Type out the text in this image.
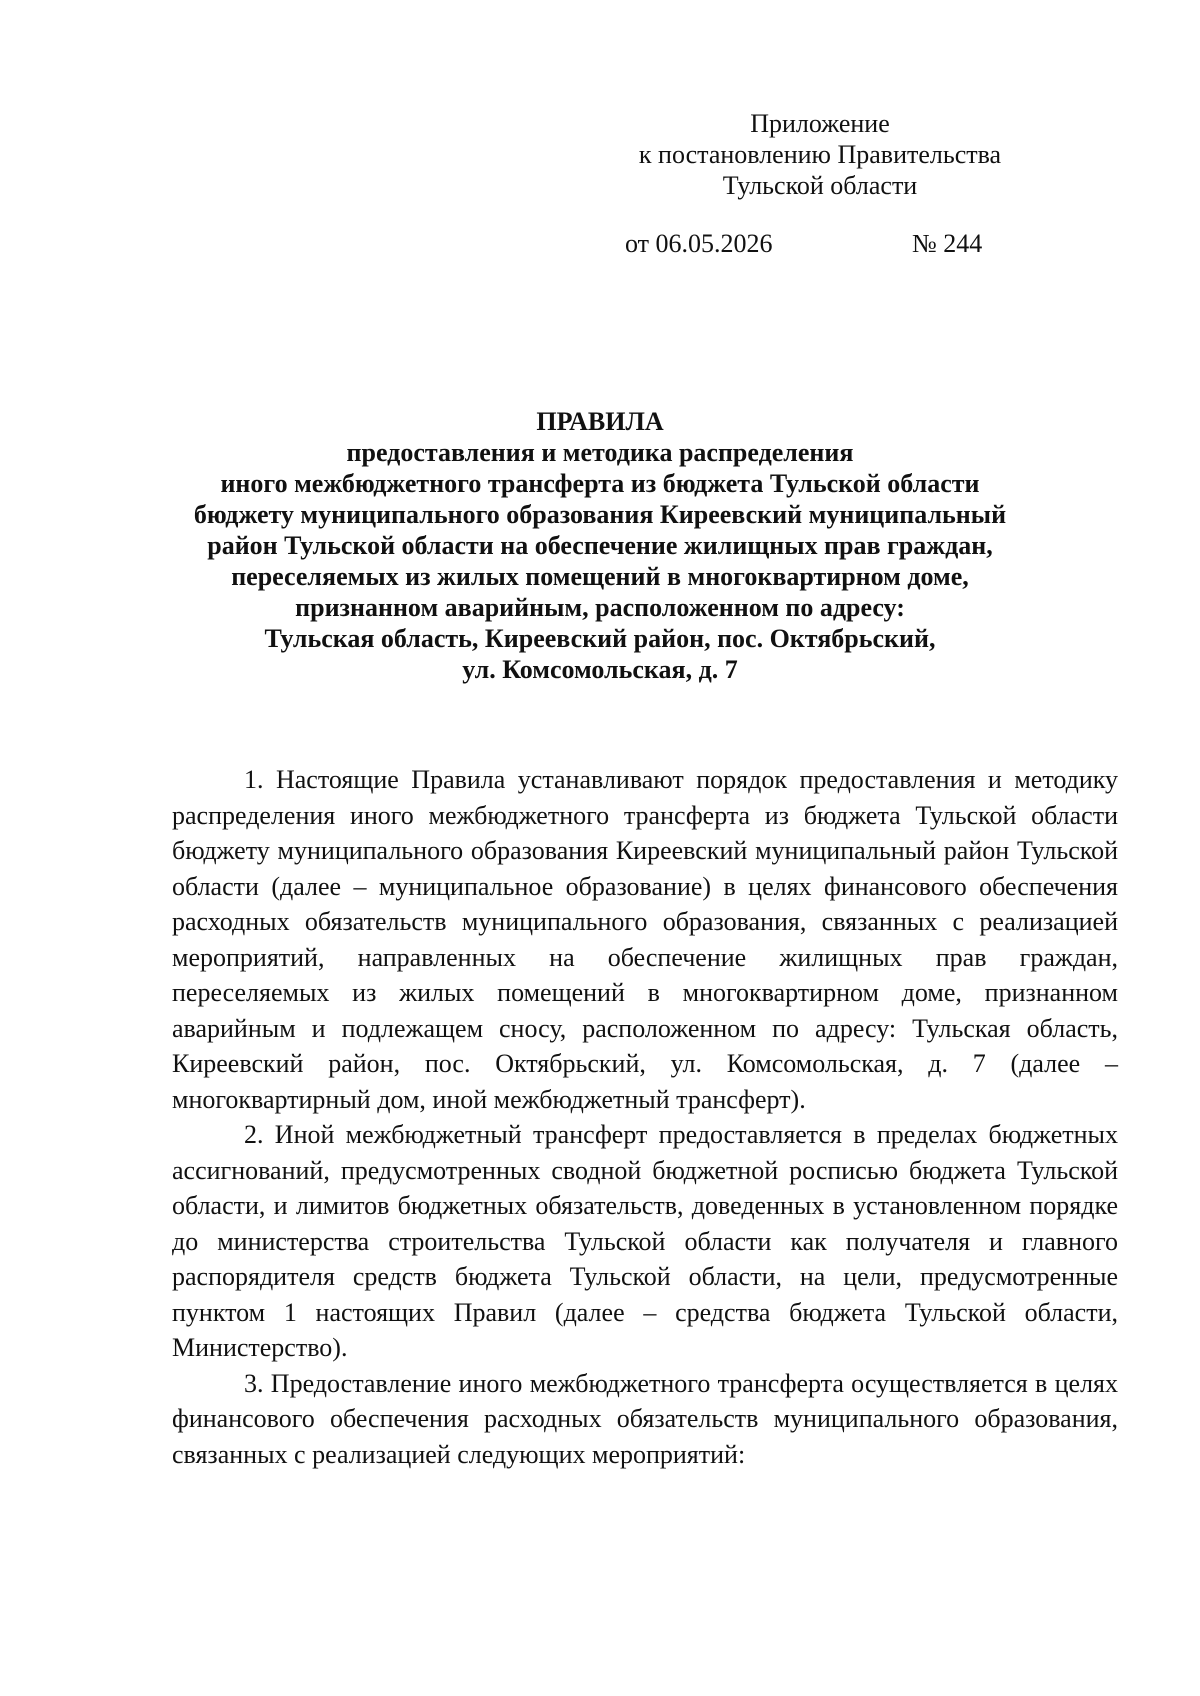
Приложение
к постановлению Правительства
Тульской области
от 06.05.2026	№ 244
ПРАВИЛА
предоставления и методика распределения
иного межбюджетного трансферта из бюджета Тульской области
бюджету муниципального образования Киреевский муниципальный
район Тульской области на обеспечение жилищных прав граждан,
переселяемых из жилых помещений в многоквартирном доме,
признанном аварийным, расположенном по адресу:
Тульская область, Киреевский район, пос. Октябрьский,
ул. Комсомольская, д. 7

1. Настоящие Правила устанавливают порядок предоставления и методику распределения иного межбюджетного трансферта из бюджета Тульской области бюджету муниципального образования Киреевский муниципальный район Тульской области (далее – муниципальное образование) в целях финансового обеспечения расходных обязательств муниципального образования, связанных с реализацией мероприятий, направленных на обеспечение жилищных прав граждан, переселяемых из жилых помещений в многоквартирном доме, признанном аварийным и подлежащем сносу, расположенном по адресу: Тульская область, Киреевский район, пос. Октябрьский, ул. Комсомольская, д. 7 (далее – многоквартирный дом, иной межбюджетный трансферт).

2. Иной межбюджетный трансферт предоставляется в пределах бюджетных ассигнований, предусмотренных сводной бюджетной росписью бюджета Тульской области, и лимитов бюджетных обязательств, доведенных в установленном порядке до министерства строительства Тульской области как получателя и главного распорядителя средств бюджета Тульской области, на цели, предусмотренные пунктом 1 настоящих Правил (далее – средства бюджета Тульской области, Министерство).

3. Предоставление иного межбюджетного трансферта осуществляется в целях финансового обеспечения расходных обязательств муниципального образования, связанных с реализацией следующих мероприятий:
